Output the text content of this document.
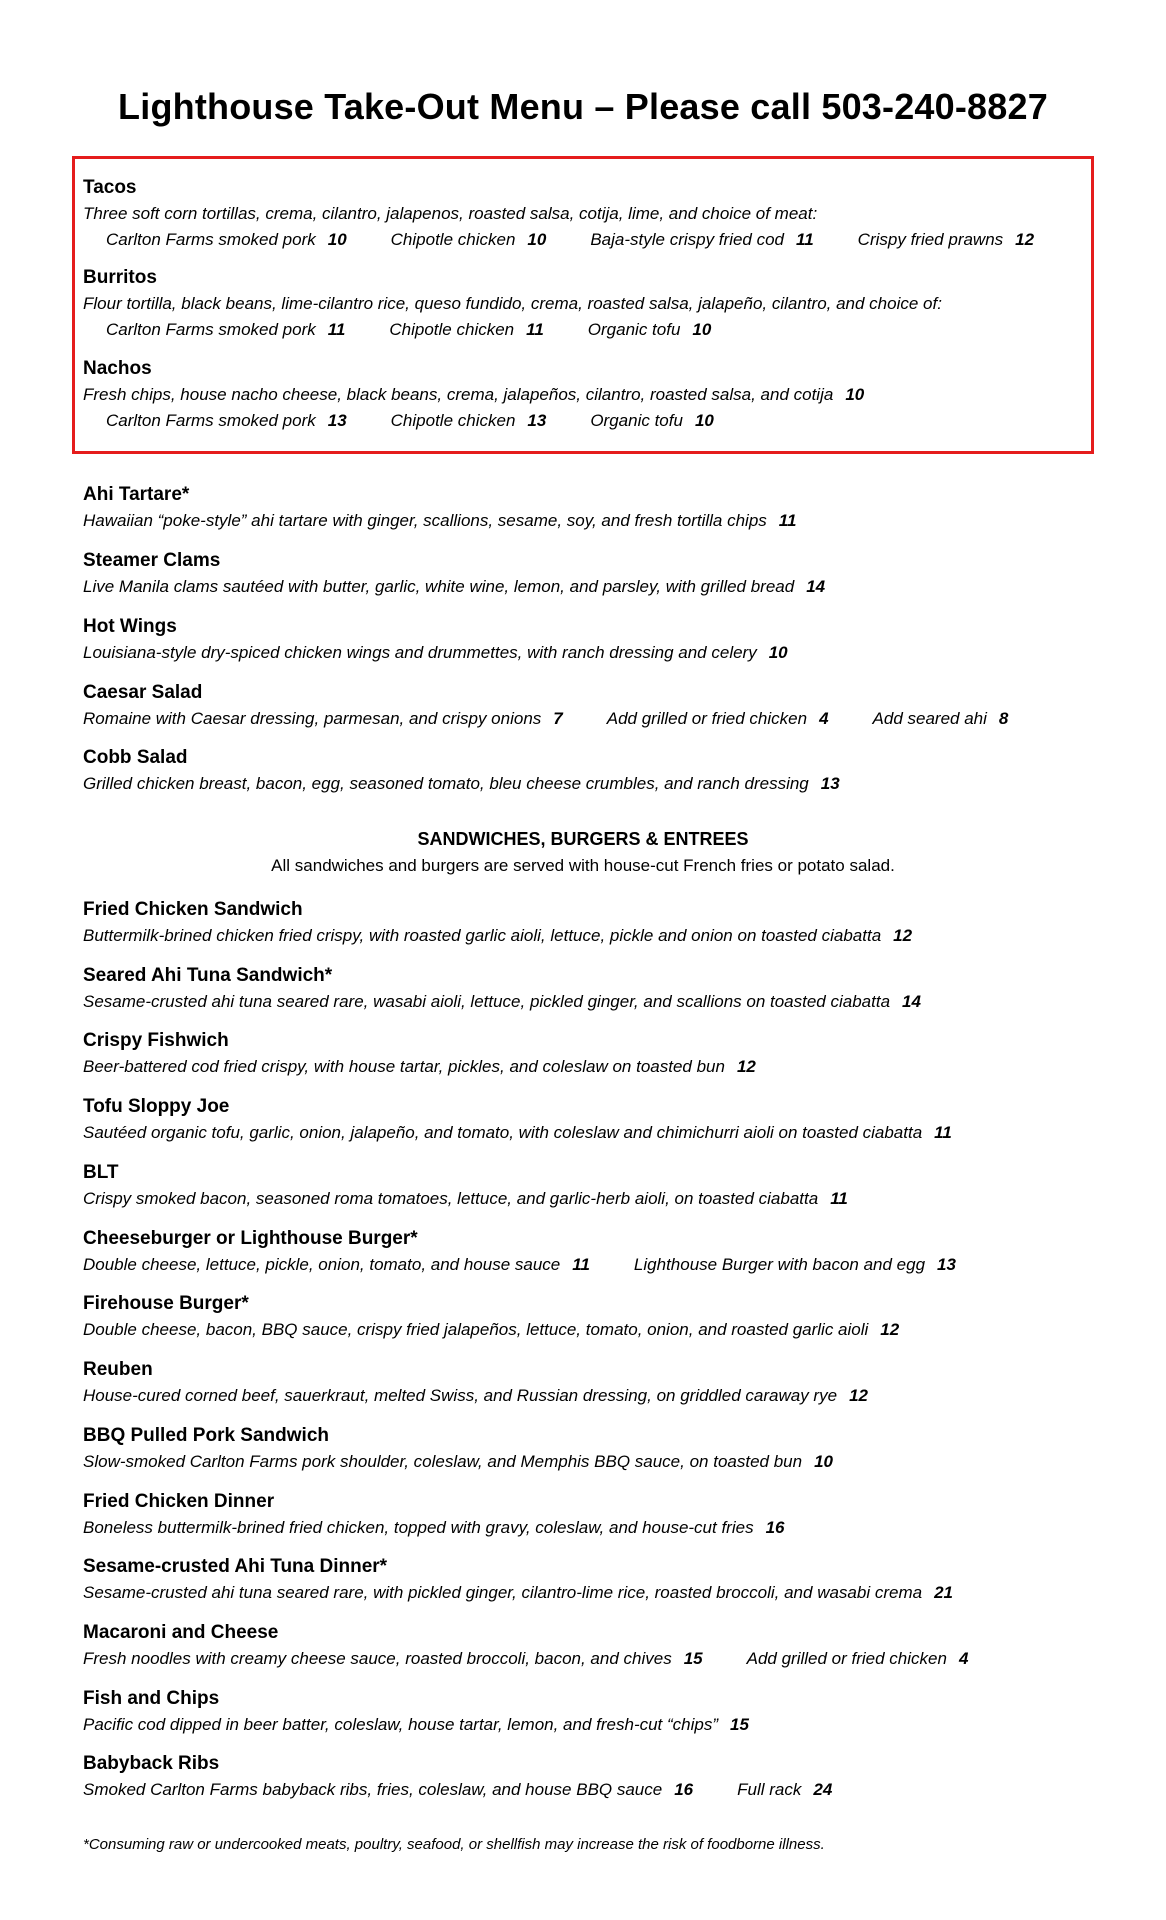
Lighthouse Take-Out Menu – Please call 503-240-8827
Tacos
Three soft corn tortillas, crema, cilantro, jalapenos, roasted salsa, cotija, lime, and choice of meat:
Carlton Farms smoked pork 10	Chipotle chicken 10	Baja-style crispy fried cod 11	Crispy fried prawns 12
Burritos
Flour tortilla, black beans, lime-cilantro rice, queso fundido, crema, roasted salsa, jalapeño, cilantro, and choice of:
Carlton Farms smoked pork 11	Chipotle chicken 11	Organic tofu 10
Nachos
Fresh chips, house nacho cheese, black beans, crema, jalapeños, cilantro, roasted salsa, and cotija 10
Carlton Farms smoked pork 13	Chipotle chicken 13	Organic tofu 10
Ahi Tartare*
Hawaiian “poke-style” ahi tartare with ginger, scallions, sesame, soy, and fresh tortilla chips 11
Steamer Clams
Live Manila clams sautéed with butter, garlic, white wine, lemon, and parsley, with grilled bread 14
Hot Wings
Louisiana-style dry-spiced chicken wings and drummettes, with ranch dressing and celery 10
Caesar Salad
Romaine with Caesar dressing, parmesan, and crispy onions 7	Add grilled or fried chicken 4	Add seared ahi 8
Cobb Salad
Grilled chicken breast, bacon, egg, seasoned tomato, bleu cheese crumbles, and ranch dressing 13
SANDWICHES, BURGERS & ENTREES
All sandwiches and burgers are served with house-cut French fries or potato salad.
Fried Chicken Sandwich
Buttermilk-brined chicken fried crispy, with roasted garlic aioli, lettuce, pickle and onion on toasted ciabatta 12
Seared Ahi Tuna Sandwich*
Sesame-crusted ahi tuna seared rare, wasabi aioli, lettuce, pickled ginger, and scallions on toasted ciabatta 14
Crispy Fishwich
Beer-battered cod fried crispy, with house tartar, pickles, and coleslaw on toasted bun 12
Tofu Sloppy Joe
Sautéed organic tofu, garlic, onion, jalapeño, and tomato, with coleslaw and chimichurri aioli on toasted ciabatta 11
BLT
Crispy smoked bacon, seasoned roma tomatoes, lettuce, and garlic-herb aioli, on toasted ciabatta 11
Cheeseburger or Lighthouse Burger*
Double cheese, lettuce, pickle, onion, tomato, and house sauce 11	Lighthouse Burger with bacon and egg 13
Firehouse Burger*
Double cheese, bacon, BBQ sauce, crispy fried jalapeños, lettuce, tomato, onion, and roasted garlic aioli 12
Reuben
House-cured corned beef, sauerkraut, melted Swiss, and Russian dressing, on griddled caraway rye 12
BBQ Pulled Pork Sandwich
Slow-smoked Carlton Farms pork shoulder, coleslaw, and Memphis BBQ sauce, on toasted bun 10
Fried Chicken Dinner
Boneless buttermilk-brined fried chicken, topped with gravy, coleslaw, and house-cut fries 16
Sesame-crusted Ahi Tuna Dinner*
Sesame-crusted ahi tuna seared rare, with pickled ginger, cilantro-lime rice, roasted broccoli, and wasabi crema 21
Macaroni and Cheese
Fresh noodles with creamy cheese sauce, roasted broccoli, bacon, and chives 15	Add grilled or fried chicken 4
Fish and Chips
Pacific cod dipped in beer batter, coleslaw, house tartar, lemon, and fresh-cut “chips” 15
Babyback Ribs
Smoked Carlton Farms babyback ribs, fries, coleslaw, and house BBQ sauce 16	Full rack 24
*Consuming raw or undercooked meats, poultry, seafood, or shellfish may increase the risk of foodborne illness.
